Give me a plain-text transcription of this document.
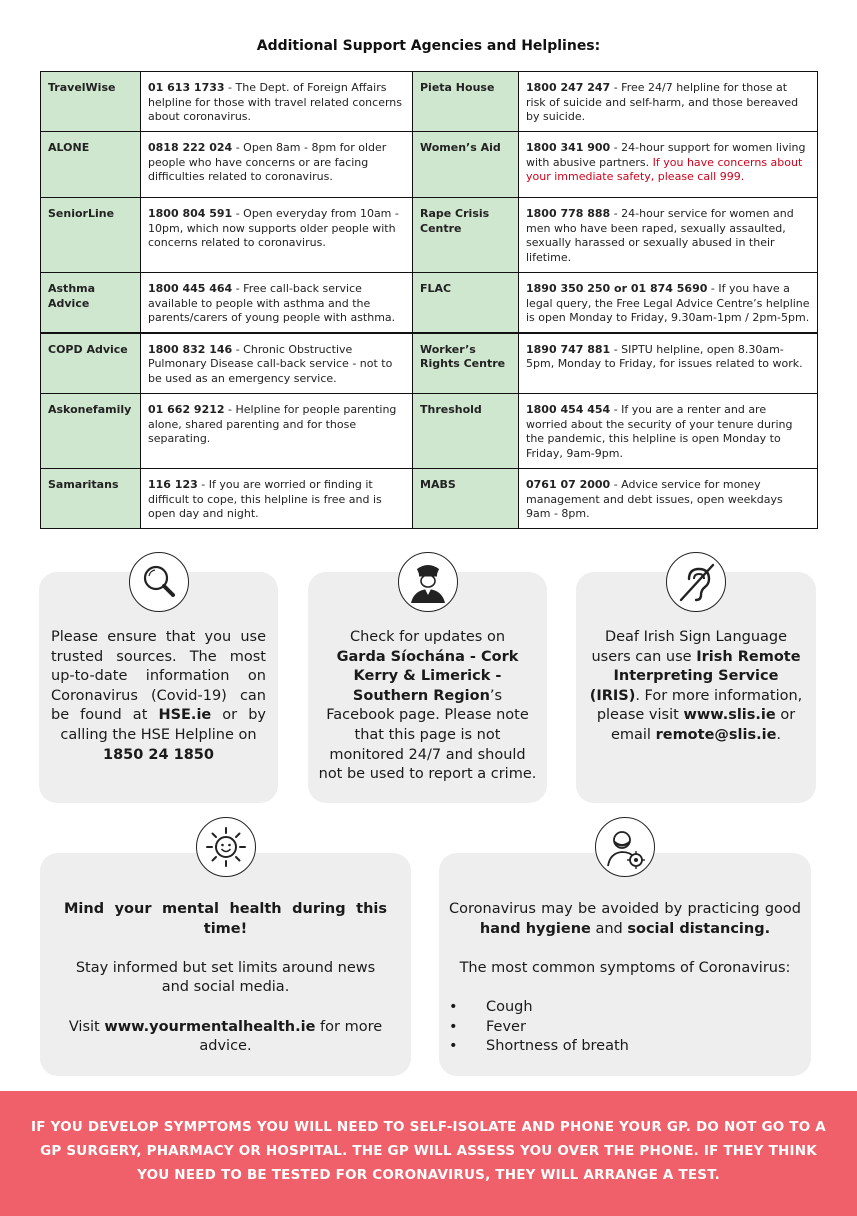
Additional Support Agencies and Helplines:
TravelWise	01 613 1733 - The Dept. of Foreign Affairs helpline for those with travel related concerns about coronavirus.	Pieta House	1800 247 247 - Free 24/7 helpline for those at risk of suicide and self-harm, and those bereaved by suicide.
ALONE	0818 222 024 - Open 8am - 8pm for older people who have concerns or are facing difficulties related to coronavirus.	Women’s Aid	1800 341 900 - 24-hour support for women living with abusive partners. If you have concerns about your immediate safety, please call 999.
SeniorLine	1800 804 591 - Open everyday from 10am - 10pm, which now supports older people with concerns related to coronavirus.	Rape Crisis Centre	1800 778 888 - 24-hour service for women and men who have been raped, sexually assaulted, sexually harassed or sexually abused in their lifetime.
Asthma Advice	1800 445 464 - Free call-back service available to people with asthma and the parents/carers of young people with asthma.	FLAC	1890 350 250 or 01 874 5690 - If you have a legal query, the Free Legal Advice Centre’s helpline is open Monday to Friday, 9.30am-1pm / 2pm-5pm.
COPD Advice	1800 832 146 - Chronic Obstructive Pulmonary Disease call-back service - not to be used as an emergency service.	Worker’s Rights Centre	1890 747 881 - SIPTU helpline, open 8.30am-5pm, Monday to Friday, for issues related to work.
Askonefamily	01 662 9212 - Helpline for people parenting alone, shared parenting and for those separating.	Threshold	1800 454 454 - If you are a renter and are worried about the security of your tenure during the pandemic, this helpline is open Monday to Friday, 9am-9pm.
Samaritans	116 123 - If you are worried or finding it difficult to cope, this helpline is free and is open day and night.	MABS	0761 07 2000 - Advice service for money management and debt issues, open weekdays 9am - 8pm.
Please ensure that you use trusted sources. The most up-to-date information on Coronavirus (Covid-19) can be found at HSE.ie or by calling the HSE Helpline on
1850 24 1850
Check for updates on
Garda Síochána - Cork Kerry & Limerick - Southern Region’s Facebook page. Please note that this page is not monitored 24/7 and should not be used to report a crime.
Deaf Irish Sign Language users can use Irish Remote Interpreting Service (IRIS). For more information, please visit www.slis.ie or email remote@slis.ie.
Mind your mental health during this time!
Stay informed but set limits around news and social media.
Visit www.yourmentalhealth.ie for more advice.
Coronavirus may be avoided by practicing good hand hygiene and social distancing.
The most common symptoms of Coronavirus:
• Cough
• Fever
• Shortness of breath
IF YOU DEVELOP SYMPTOMS YOU WILL NEED TO SELF-ISOLATE AND PHONE YOUR GP. DO NOT GO TO A GP SURGERY, PHARMACY OR HOSPITAL. THE GP WILL ASSESS YOU OVER THE PHONE. IF THEY THINK YOU NEED TO BE TESTED FOR CORONAVIRUS, THEY WILL ARRANGE A TEST.
